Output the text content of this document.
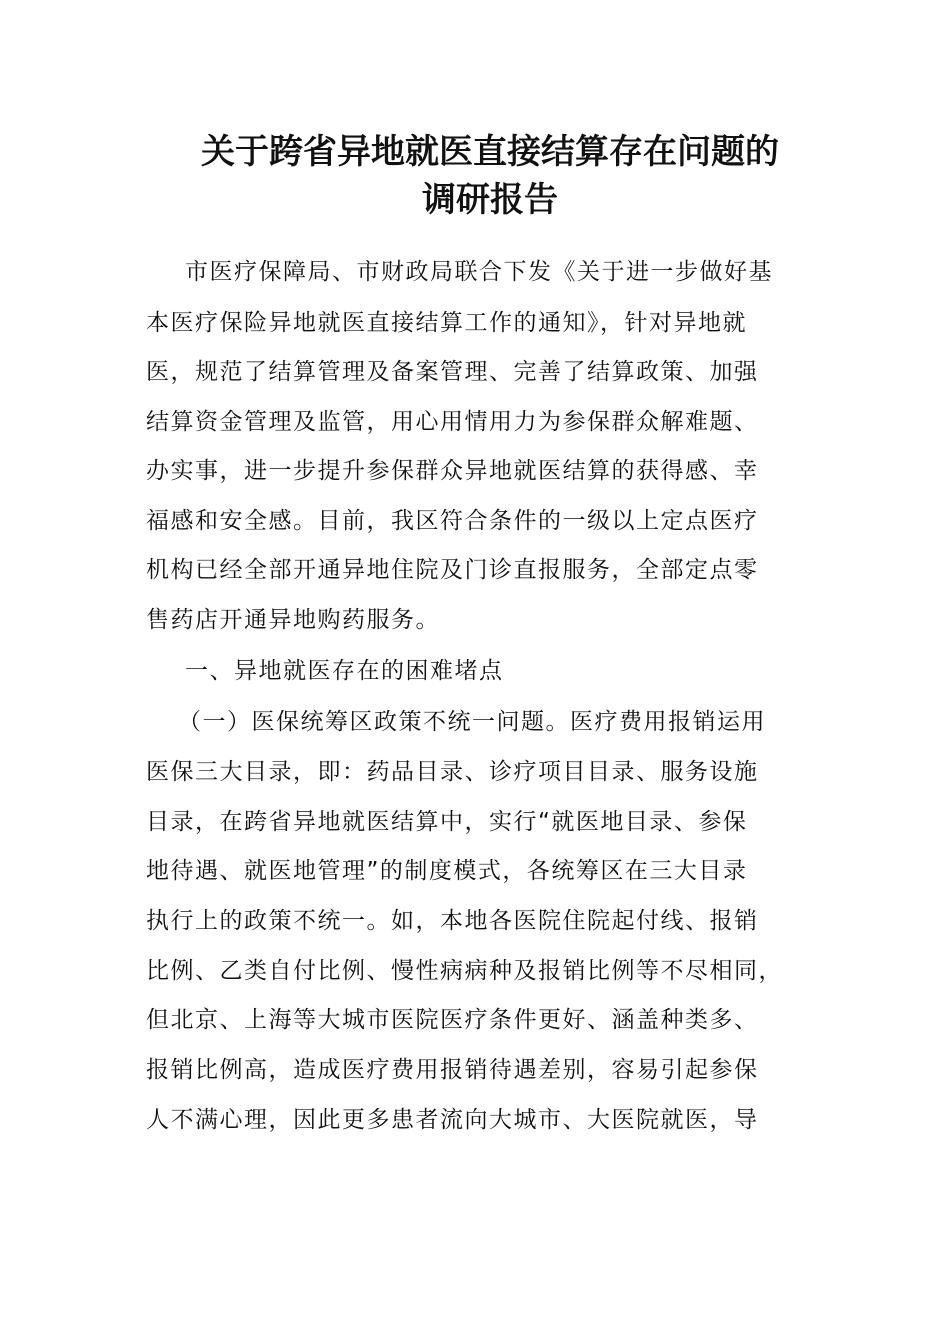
关于跨省异地就医直接结算存在问题的
调研报告

市医疗保障局、市财政局联合下发《关于进一步做好基

本医疗保险异地就医直接结算工作的通知》，针对异地就

医，规范了结算管理及备案管理、完善了结算政策、加强

结算资金管理及监管，用心用情用力为参保群众解难题、

办实事，进一步提升参保群众异地就医结算的获得感、幸

福感和安全感。目前，我区符合条件的一级以上定点医疗

机构已经全部开通异地住院及门诊直报服务，全部定点零

售药店开通异地购药服务。

一、异地就医存在的困难堵点

（一）医保统筹区政策不统一问题。医疗费用报销运用

医保三大目录，即：药品目录、诊疗项目目录、服务设施

目录，在跨省异地就医结算中，实行“就医地目录、参保

地待遇、就医地管理”的制度模式，各统筹区在三大目录

执行上的政策不统一。如，本地各医院住院起付线、报销

比例、乙类自付比例、慢性病病种及报销比例等不尽相同，

但北京、上海等大城市医院医疗条件更好、涵盖种类多、

报销比例高，造成医疗费用报销待遇差别，容易引起参保

人不满心理，因此更多患者流向大城市、大医院就医，导
